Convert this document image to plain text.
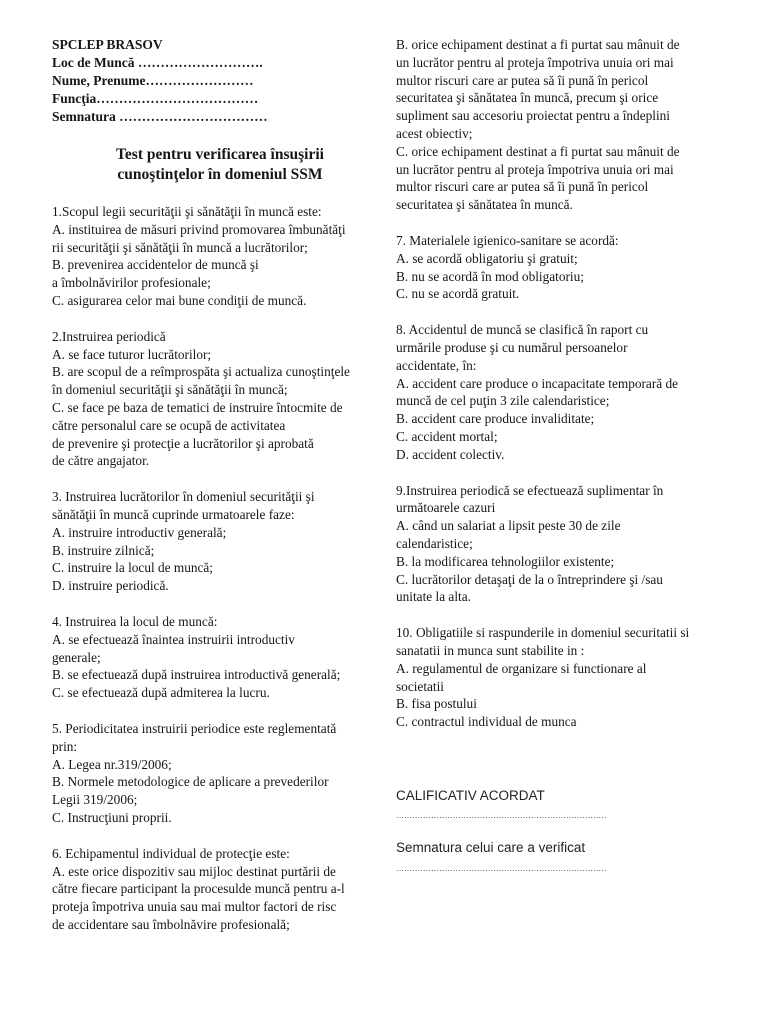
SPCLEP BRASOV
Loc de Muncă ……………………….
Nume, Prenume……………………
Funcţia………………………………
Semnatura ……………………………
Test pentru verificarea însuşirii
cunoştinţelor în domeniul SSM
1.Scopul legii securităţii şi sănătăţii în muncă este:
A. instituirea de măsuri privind promovarea îmbunătăţi
rii securităţii şi sănătăţii în muncă a lucrătorilor;
B. prevenirea accidentelor de muncă şi
a îmbolnăvirilor profesionale;
C. asigurarea celor mai bune condiţii de muncă.
2.Instruirea periodică
A. se face tuturor lucrătorilor;
B. are scopul de a reîmprospăta şi actualiza cunoştinţele
în domeniul securităţii şi sănătăţii în muncă;
C. se face pe baza de tematici de instruire întocmite de
către personalul care se ocupă de activitatea
de prevenire şi protecţie a lucrătorilor şi aprobată
de către angajator.
3. Instruirea lucrătorilor în domeniul securităţii şi
sănătăţii în muncă cuprinde urmatoarele faze:
A. instruire introductiv generală;
B. instruire zilnică;
C. instruire la locul de muncă;
D. instruire periodică.
4. Instruirea la locul de muncă:
A. se efectuează înaintea instruirii introductiv
generale;
B. se efectuează după instruirea introductivă generală;
C. se efectuează după admiterea la lucru.
5. Periodicitatea instruirii periodice este reglementată
prin:
A. Legea nr.319/2006;
B. Normele metodologice de aplicare a prevederilor
Legii 319/2006;
C. Instrucţiuni proprii.
6. Echipamentul individual de protecţie este:
A. este orice dispozitiv sau mijloc destinat purtării de
către fiecare participant la procesulde muncă pentru a-l
proteja împotriva unuia sau mai multor factori de risc
de accidentare sau îmbolnăvire profesională;
B. orice echipament destinat a fi purtat sau mânuit de
un lucrător pentru al proteja împotriva unuia ori mai
multor riscuri care ar putea să îi pună în pericol
securitatea şi sănătatea în muncă, precum şi orice
supliment sau accesoriu proiectat pentru a îndeplini
acest obiectiv;
C. orice echipament destinat a fi purtat sau mânuit de
un lucrător pentru al proteja împotriva unuia ori mai
multor riscuri care ar putea să îi pună în pericol
securitatea şi sănătatea în muncă.
7. Materialele igienico-sanitare se acordă:
A. se acordă obligatoriu şi gratuit;
B. nu se acordă în mod obligatoriu;
C. nu se acordă gratuit.
8. Accidentul de muncă se clasifică în raport cu
urmările produse şi cu numărul persoanelor
accidentate, în:
A. accident care produce o incapacitate temporară de
muncă de cel puţin 3 zile calendaristice;
B. accident care produce invaliditate;
C. accident mortal;
D. accident colectiv.
9.Instruirea periodică se efectuează suplimentar în
următoarele cazuri
A. când un salariat a lipsit peste 30 de zile
calendaristice;
B. la modificarea tehnologiilor existente;
C. lucrătorilor detaşaţi de la o întreprindere şi /sau
unitate la alta.
10. Obligatiile si raspunderile in domeniul securitatii si
sanatatii in munca sunt stabilite in :
A. regulamentul de organizare si functionare al
societatii
B. fisa postului
C. contractul individual de munca
CALIFICATIV ACORDAT
..............................................................................
Semnatura celui care a verificat
..............................................................................
